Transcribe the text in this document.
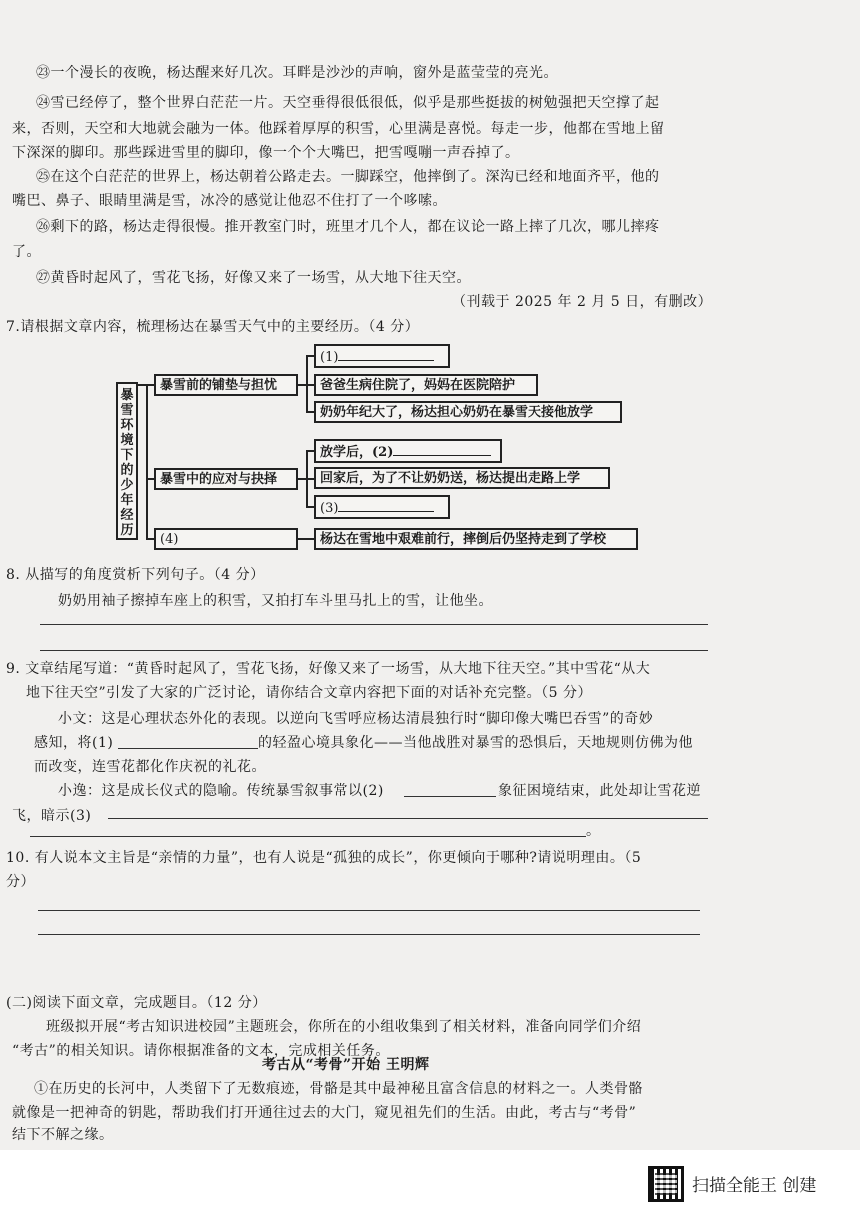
㉓一个漫长的夜晚，杨达醒来好几次。耳畔是沙沙的声响，窗外是蓝莹莹的亮光。
㉔雪已经停了，整个世界白茫茫一片。天空垂得很低很低，似乎是那些挺拔的树勉强把天空撑了起
来，否则，天空和大地就会融为一体。他踩着厚厚的积雪，心里满是喜悦。每走一步，他都在雪地上留
下深深的脚印。那些踩进雪里的脚印，像一个个大嘴巴，把雪嘎嘣一声吞掉了。
㉕在这个白茫茫的世界上，杨达朝着公路走去。一脚踩空，他摔倒了。深沟已经和地面齐平，他的
嘴巴、鼻子、眼睛里满是雪，冰冷的感觉让他忍不住打了一个哆嗦。
㉖剩下的路，杨达走得很慢。推开教室门时，班里才几个人，都在议论一路上摔了几次，哪儿摔疼
了。
㉗黄昏时起风了，雪花飞扬，好像又来了一场雪，从大地下往天空。
（刊载于 2025 年 2 月 5 日，有删改）
7.请根据文章内容，梳理杨达在暴雪天气中的主要经历。（4 分）
暴雪环境下的少年经历
暴雪前的铺垫与担忧
(1)
爸爸生病住院了，妈妈在医院陪护
奶奶年纪大了，杨达担心奶奶在暴雪天接他放学
暴雪中的应对与抉择
放学后，(2)
回家后，为了不让奶奶送，杨达提出走路上学
(3)
(4)	杨达在雪地中艰难前行，摔倒后仍坚持走到了学校
8. 从描写的角度赏析下列句子。（4 分）
奶奶用袖子擦掉车座上的积雪，又拍打车斗里马扎上的雪，让他坐。
9. 文章结尾写道：“黄昏时起风了，雪花飞扬，好像又来了一场雪，从大地下往天空。”其中雪花“从大
地下往天空”引发了大家的广泛讨论，请你结合文章内容把下面的对话补充完整。（5 分）
小文：这是心理状态外化的表现。以逆向飞雪呼应杨达清晨独行时“脚印像大嘴巴吞雪”的奇妙
感知，将(1)	的轻盈心境具象化——当他战胜对暴雪的恐惧后，天地规则仿佛为他
而改变，连雪花都化作庆祝的礼花。
小逸：这是成长仪式的隐喻。传统暴雪叙事常以(2)	象征困境结束，此处却让雪花逆
飞，暗示(3)
。
10. 有人说本文主旨是“亲情的力量”，也有人说是“孤独的成长”，你更倾向于哪种?请说明理由。（5
分）
(二)阅读下面文章，完成题目。（12 分）
班级拟开展“考古知识进校园”主题班会，你所在的小组收集到了相关材料，准备向同学们介绍
“考古”的相关知识。请你根据准备的文本，完成相关任务。
考古从“考骨”开始 王明辉
①在历史的长河中，人类留下了无数痕迹，骨骼是其中最神秘且富含信息的材料之一。人类骨骼
就像是一把神奇的钥匙，帮助我们打开通往过去的大门，窥见祖先们的生活。由此，考古与“考骨”
结下不解之缘。
扫描全能王 创建
